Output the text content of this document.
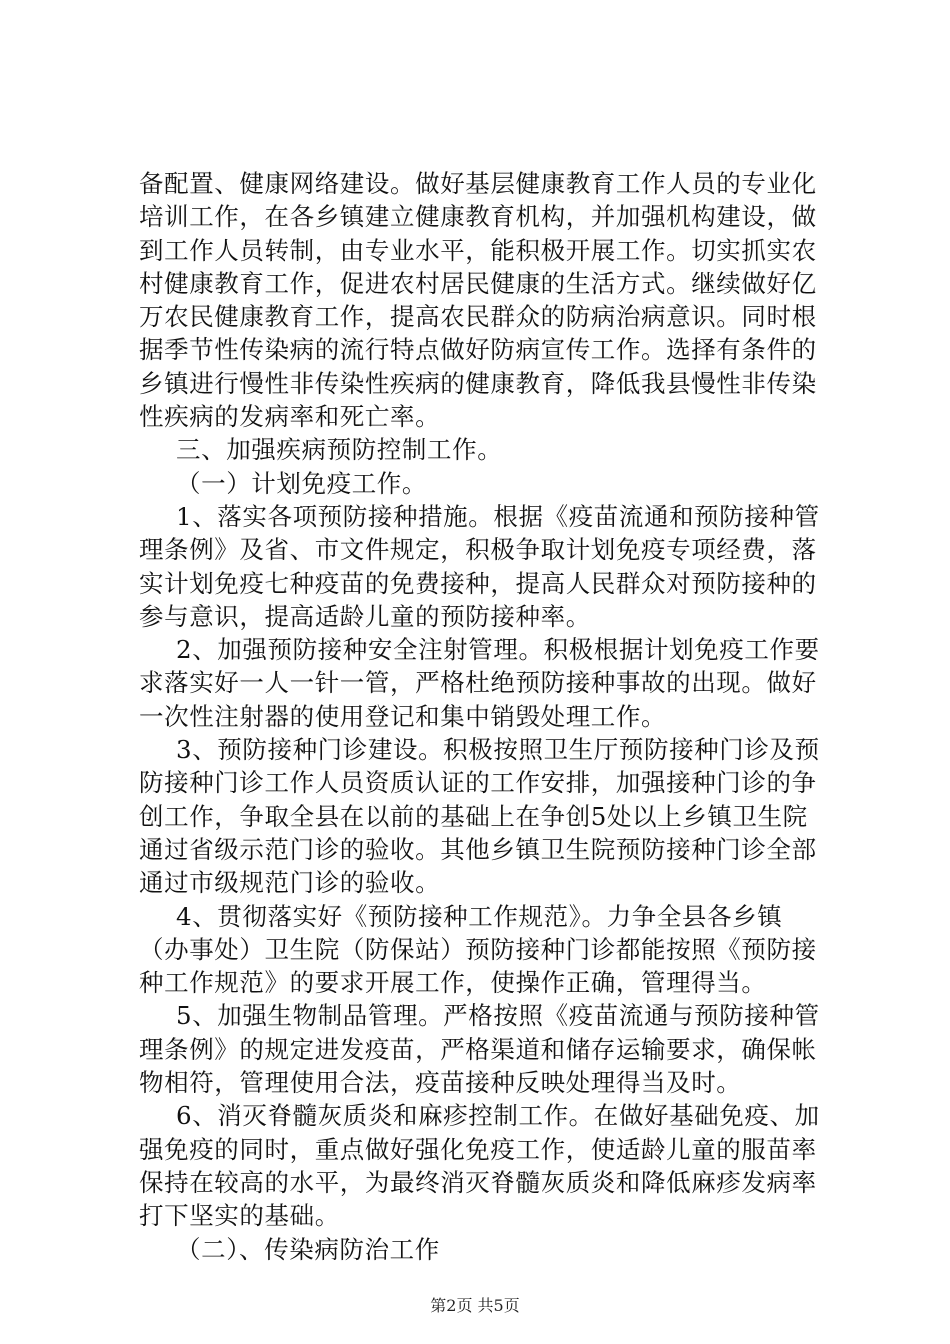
备配置、健康网络建设。做好基层健康教育工作人员的专业化
培训工作，在各乡镇建立健康教育机构，并加强机构建设，做
到工作人员转制，由专业水平，能积极开展工作。切实抓实农
村健康教育工作，促进农村居民健康的生活方式。继续做好亿
万农民健康教育工作，提高农民群众的防病治病意识。同时根
据季节性传染病的流行特点做好防病宣传工作。选择有条件的
乡镇进行慢性非传染性疾病的健康教育，降低我县慢性非传染
性疾病的发病率和死亡率。
三、加强疾病预防控制工作。
（一）计划免疫工作。
1、落实各项预防接种措施。根据《疫苗流通和预防接种管
理条例》及省、市文件规定，积极争取计划免疫专项经费，落
实计划免疫七种疫苗的免费接种，提高人民群众对预防接种的
参与意识，提高适龄儿童的预防接种率。
2、加强预防接种安全注射管理。积极根据计划免疫工作要
求落实好一人一针一管，严格杜绝预防接种事故的出现。做好
一次性注射器的使用登记和集中销毁处理工作。
3、预防接种门诊建设。积极按照卫生厅预防接种门诊及预
防接种门诊工作人员资质认证的工作安排，加强接种门诊的争
创工作，争取全县在以前的基础上在争创5处以上乡镇卫生院
通过省级示范门诊的验收。其他乡镇卫生院预防接种门诊全部
通过市级规范门诊的验收。
4、贯彻落实好《预防接种工作规范》。力争全县各乡镇
（办事处）卫生院（防保站）预防接种门诊都能按照《预防接
种工作规范》的要求开展工作，使操作正确，管理得当。
5、加强生物制品管理。严格按照《疫苗流通与预防接种管
理条例》的规定进发疫苗，严格渠道和储存运输要求，确保帐
物相符，管理使用合法，疫苗接种反映处理得当及时。
6、消灭脊髓灰质炎和麻疹控制工作。在做好基础免疫、加
强免疫的同时，重点做好强化免疫工作，使适龄儿童的服苗率
保持在较高的水平，为最终消灭脊髓灰质炎和降低麻疹发病率
打下坚实的基础。
（二）、传染病防治工作
第2页 共5页
